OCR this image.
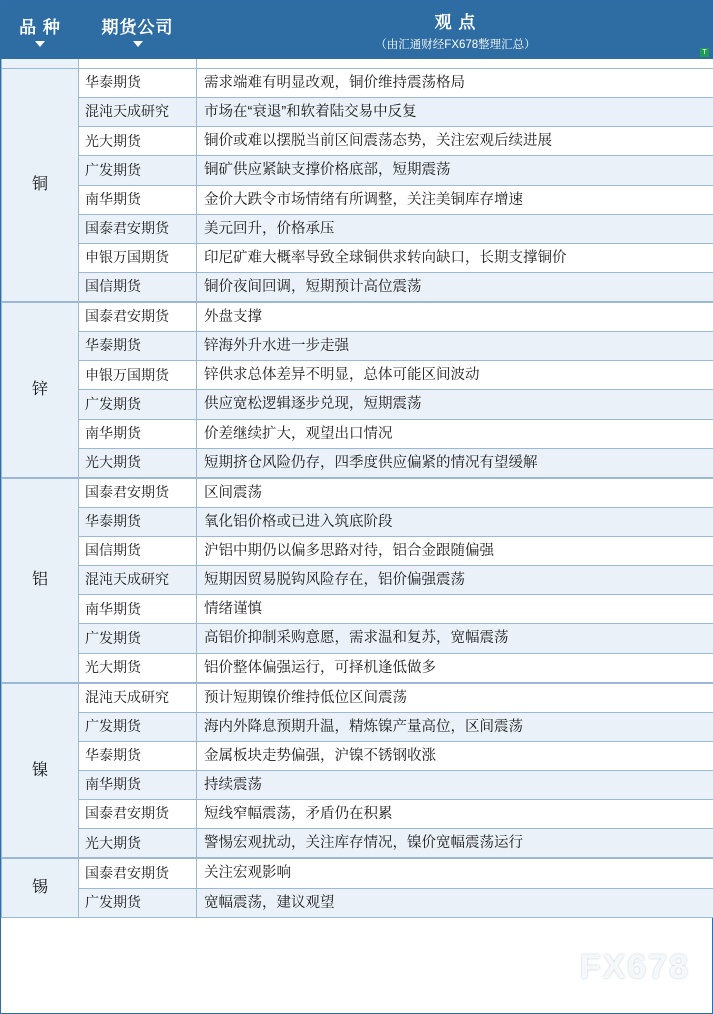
品 种	期货公司	观 点
（由汇通财经FX678整理汇总）

铜	华泰期货	需求端难有明显改观，铜价维持震荡格局
	混沌天成研究	市场在“衰退”和软着陆交易中反复
	光大期货	铜价或难以摆脱当前区间震荡态势，关注宏观后续进展
	广发期货	铜矿供应紧缺支撑价格底部，短期震荡
	南华期货	金价大跌令市场情绪有所调整，关注美铜库存增速
	国泰君安期货	美元回升，价格承压
	申银万国期货	印尼矿难大概率导致全球铜供求转向缺口，长期支撑铜价
	国信期货	铜价夜间回调，短期预计高位震荡
锌	国泰君安期货	外盘支撑
	华泰期货	锌海外升水进一步走强
	申银万国期货	锌供求总体差异不明显，总体可能区间波动
	广发期货	供应宽松逻辑逐步兑现，短期震荡
	南华期货	价差继续扩大，观望出口情况
	光大期货	短期挤仓风险仍存，四季度供应偏紧的情况有望缓解
铝	国泰君安期货	区间震荡
	华泰期货	氧化铝价格或已进入筑底阶段
	国信期货	沪铝中期仍以偏多思路对待，铝合金跟随偏强
	混沌天成研究	短期因贸易脱钩风险存在，铝价偏强震荡
	南华期货	情绪谨慎
	广发期货	高铝价抑制采购意愿，需求温和复苏，宽幅震荡
	光大期货	铝价整体偏强运行，可择机逢低做多
镍	混沌天成研究	预计短期镍价维持低位区间震荡
	广发期货	海内外降息预期升温，精炼镍产量高位，区间震荡
	华泰期货	金属板块走势偏强，沪镍不锈钢收涨
	南华期货	持续震荡
	国泰君安期货	短线窄幅震荡，矛盾仍在积累
	光大期货	警惕宏观扰动，关注库存情况，镍价宽幅震荡运行
锡	国泰君安期货	关注宏观影响
	广发期货	宽幅震荡，建议观望
T
FX678
